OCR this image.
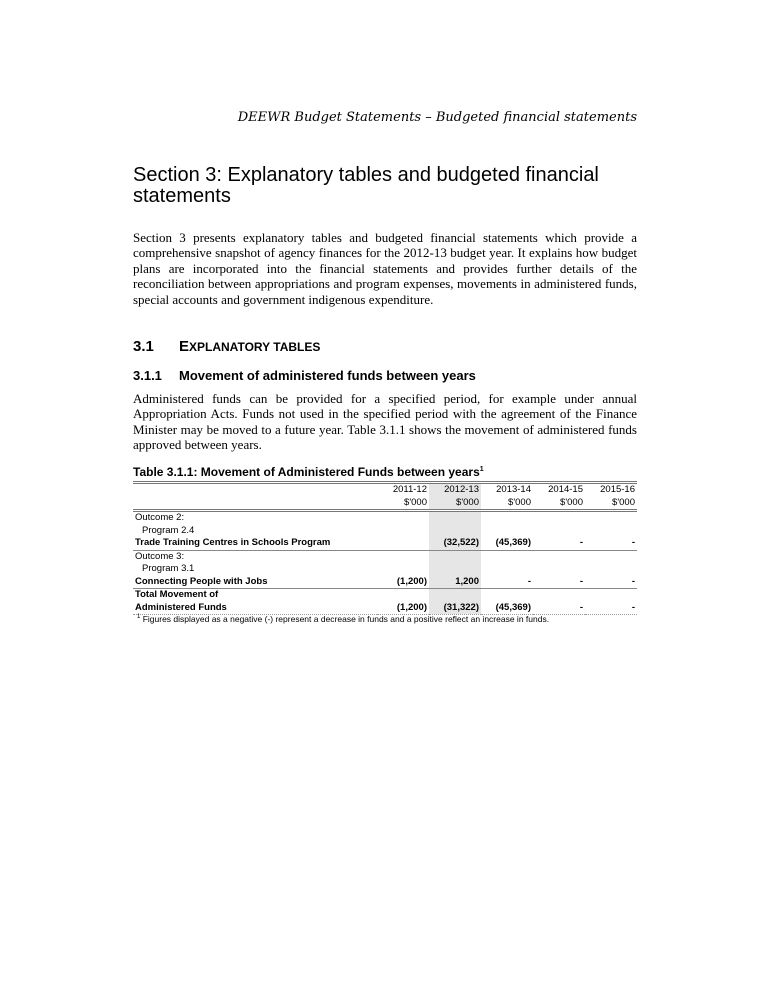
DEEWR Budget Statements – Budgeted financial statements
Section 3: Explanatory tables and budgeted financial statements

Section 3 presents explanatory tables and budgeted financial statements which provide a comprehensive snapshot of agency finances for the 2012-13 budget year. It explains how budget plans are incorporated into the financial statements and provides further details of the reconciliation between appropriations and program expenses, movements in administered funds, special accounts and government indigenous expenditure.

3.1 EXPLANATORY TABLES
3.1.1 Movement of administered funds between years

Administered funds can be provided for a specified period, for example under annual Appropriation Acts. Funds not used in the specified period with the agreement of the Finance Minister may be moved to a future year. Table 3.1.1 shows the movement of administered funds approved between years.

Table 3.1.1: Movement of Administered Funds between years$^1$
	2011-12	2012-13	2013-14	2014-15	2015-16
	$'000	$'000	$'000	$'000	$'000
Outcome 2:					
Program 2.4					
Trade Training Centres in Schools Program		(32,522)	(45,369)	-	-
Outcome 3:					
Program 3.1					
Connecting People with Jobs	(1,200)	1,200	-	-	-
Total Movement of					
Administered Funds	(1,200)	(31,322)	(45,369)	-	-
$^1$ Figures displayed as a negative (-) represent a decrease in funds and a positive reflect an increase in funds.
